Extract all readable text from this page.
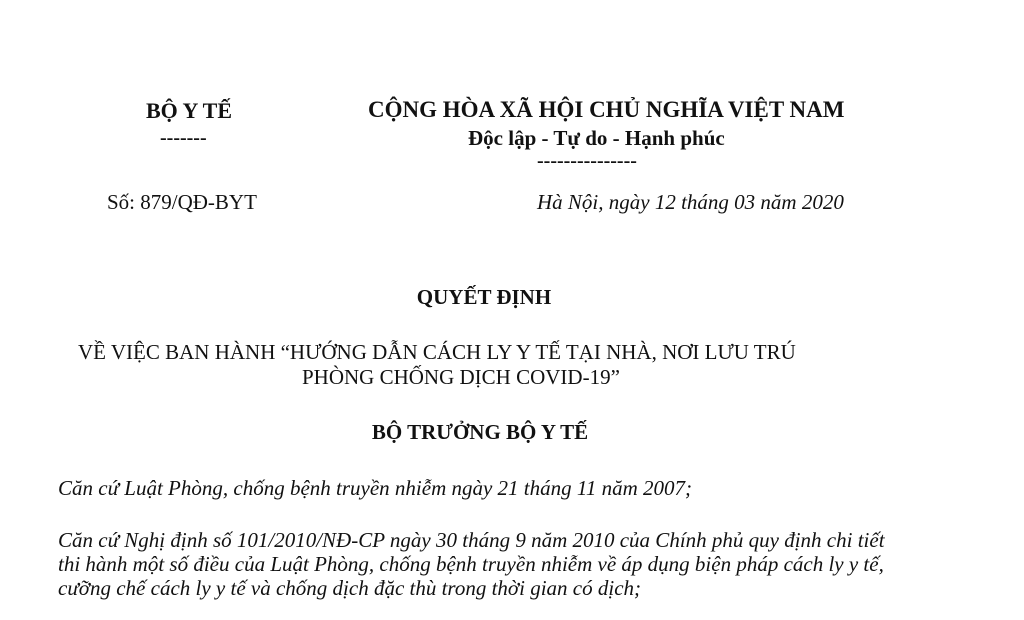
BỘ Y TẾ
-------
CỘNG HÒA XÃ HỘI CHỦ NGHĨA VIỆT NAM
Độc lập - Tự do - Hạnh phúc
---------------
Số: 879/QĐ-BYT	Hà Nội, ngày 12 tháng 03 năm 2020
QUYẾT ĐỊNH
VỀ VIỆC BAN HÀNH “HƯỚNG DẪN CÁCH LY Y TẾ TẠI NHÀ, NƠI LƯU TRÚ
PHÒNG CHỐNG DỊCH COVID-19”
BỘ TRƯỞNG BỘ Y TẾ
Căn cứ Luật Phòng, chống bệnh truyền nhiễm ngày 21 tháng 11 năm 2007;
Căn cứ Nghị định số 101/2010/NĐ-CP ngày 30 tháng 9 năm 2010 của Chính phủ quy định chi tiết thi hành một số điều của Luật Phòng, chống bệnh truyền nhiễm về áp dụng biện pháp cách ly y tế, cưỡng chế cách ly y tế và chống dịch đặc thù trong thời gian có dịch;
